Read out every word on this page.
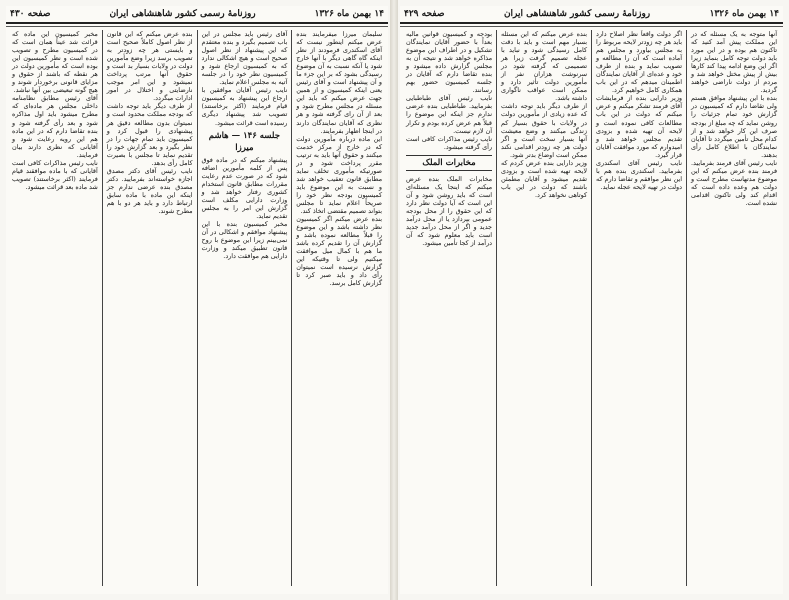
۱۴ بهمن ماه ۱۳۲۶
روزنامهٔ رسمی کشور شاهنشاهی ایران
صفحه ۴۳۰

سلیمان میرزا میفرمایند بنده عرض میکنم اینطور نیست که آقای اسکندری فرمودند از نظر اینکه گاه گاهی دیگر با آنها خارج شود یا آنکه نسبت به آن موضوع رسیدگی بشود که بر این جزء ما و آن پیشنهاد است و آقای رئیس یعنی اینکه کمیسیون و از همین جهت عرض میکنم که باید این مسئله در مجلس مطرح شود و بعد از آن رای گرفته شود و هر نظری که آقایان نمایندگان دارند در اینجا اظهار بفرمایند.

این ماده درباره مأمورین دولت که در خارج از مرکز خدمت میکنند و حقوق آنها باید به ترتیب مقرر پرداخت شود و در صورتیکه مأموری تخلف نماید مطابق قانون تعقیب خواهد شد و نسبت به این موضوع باید کمیسیون بودجه نظر خود را صریحاً اعلام نماید تا مجلس بتواند تصمیم مقتضی اتخاذ کند.

بنده عرض میکنم اگر کمیسیون نظر داشته باشد و این موضوع را قبلاً مطالعه نموده باشد و گزارش آن را تقدیم کرده باشد ما هم با کمال میل موافقت میکنیم ولی تا وقتیکه این گزارش نرسیده است نمیتوان رأی داد و باید صبر کرد تا گزارش کامل برسد.

آقای رئیس باید مجلس در این باب تصمیم بگیرد و بنده معتقدم که این پیشنهاد از نظر اصول صحیح است و هیچ اشکالی ندارد که به کمیسیون ارجاع شود و کمیسیون نظر خود را در جلسه آتیه به مجلس اعلام نماید.

نایب رئیس آقایان موافقین با ارجاع این پیشنهاد به کمیسیون قیام فرمایند (اکثر برخاستند) تصویب شد پیشنهاد دیگری رسیده است قرائت میشود.

جلسه ۱۴۶ — هاشم میرزا

پیشنهاد میکنم که در ماده فوق پس از کلمه مأمورین اضافه شود که در صورت عدم رعایت مقررات مطابق قانون استخدام کشوری رفتار خواهد شد و وزارت دارایی مکلف است گزارش این امر را به مجلس تقدیم نماید.

مخبر کمیسیون بنده با این پیشنهاد موافقم و اشکالی در آن نمی‌بینم زیرا این موضوع با روح قانون تطبیق میکند و وزارت دارایی هم موافقت دارد.

بنده عرض میکنم که این قانون از نظر اصول کاملاً صحیح است و بایستی هر چه زودتر به تصویب برسد زیرا وضع مأمورین دولت در ولایات بسیار بد است و حقوق آنها مرتب پرداخت نمیشود و این امر موجب نارضایتی و اختلال در امور ادارات میگردد.

از طرف دیگر باید توجه داشت که بودجه مملکت محدود است و نمیتوان بدون مطالعه دقیق هر پیشنهادی را قبول کرد و کمیسیون باید تمام جهات را در نظر بگیرد و بعد گزارش خود را تقدیم نماید تا مجلس با بصیرت کامل رأی بدهد.

نایب رئیس آقای دکتر مصدق اجازه خواسته‌اند بفرمایید. دکتر مصدق بنده عرضی ندارم جز اینکه این ماده با ماده سابق ارتباط دارد و باید هر دو با هم مطرح شوند.

مخبر کمیسیون این ماده که قرائت شد عیناً همان است که در کمیسیون مطرح و تصویب شده است و نظر کمیسیون این بوده است که مأمورین دولت در هر نقطه که باشند از حقوق و مزایای قانونی برخوردار شوند و هیچ گونه تبعیضی بین آنها نباشد.

آقای رئیس مطابق نظامنامه داخلی مجلس هر ماده‌ای که مطرح میشود باید اول مذاکره شود و بعد رأی گرفته شود و بنده تقاضا دارم که در این ماده هم این رویه رعایت شود و آقایانی که نظری دارند بیان فرمایند.

نایب رئیس مذاکرات کافی است آقایانی که با ماده موافقند قیام فرمایند (اکثر برخاستند) تصویب شد ماده بعد قرائت میشود.

۱۴ بهمن ماه ۱۳۲۶
روزنامهٔ رسمی کشور شاهنشاهی ایران
صفحه ۴۲۹

آنها متوجه به یک مسئله که در این مملکت پیش آمد کنید که تاکنون هم بوده و در این مورد باید دولت توجه کامل بنماید زیرا اگر این وضع ادامه پیدا کند کارها بیش از پیش مختل خواهد شد و مردم از دولت ناراضی خواهند گردید.

بنده با این پیشنهاد موافق هستم ولی تقاضا دارم که کمیسیون در گزارش خود تمام جزئیات را روشن نماید که چه مبلغ از بودجه صرف این کار خواهد شد و از کدام محل تأمین میگردد تا آقایان نمایندگان با اطلاع کامل رأی بدهند.

نایب رئیس آقای فرمند بفرمایید. فرمند بنده عرض میکنم که این موضوع مدتهاست مطرح است و دولت هم وعده داده است که اقدام کند ولی تاکنون اقدامی نشده است.

اگر دولت واقعاً نظر اصلاح دارد باید هر چه زودتر لایحه مربوط را به مجلس بیاورد و مجلس هم آماده است که آن را مطالعه و تصویب نماید و بنده از طرف خود و عده‌ای از آقایان نمایندگان اطمینان میدهم که در این باب همکاری کامل خواهیم کرد.

وزیر دارایی بنده از فرمایشات آقای فرمند تشکر میکنم و عرض میکنم که دولت در این باب مطالعات کافی نموده است و لایحه آن تهیه شده و بزودی تقدیم مجلس خواهد شد و امیدوارم که مورد موافقت آقایان قرار گیرد.

نایب رئیس آقای اسکندری بفرمایید. اسکندری بنده هم با این نظر موافقم و تقاضا دارم که دولت در تهیه لایحه عجله نماید.

بنده عرض میکنم که این مسئله بسیار مهم است و باید با دقت کامل رسیدگی شود و نباید با عجله تصمیم گرفت زیرا هر تصمیمی که گرفته شود در سرنوشت هزاران نفر از مأمورین دولت تأثیر دارد و ممکن است عواقب ناگواری داشته باشد.

از طرف دیگر باید توجه داشت که عده زیادی از مأمورین دولت در ولایات با حقوق بسیار کم زندگی میکنند و وضع معیشت آنها بسیار سخت است و اگر دولت هر چه زودتر اقدامی نکند ممکن است اوضاع بدتر شود.

وزیر دارایی بنده عرض کردم که لایحه تهیه شده است و بزودی تقدیم میشود و آقایان مطمئن باشند که دولت در این باب کوتاهی نخواهد کرد.

بودجه و کمیسیون قوانین مالیه بعداً با حضور آقایان نمایندگان تشکیل و در اطراف این موضوع مذاکره خواهد شد و نتیجه آن به مجلس گزارش داده میشود و بنده تقاضا دارم که آقایان در جلسه کمیسیون حضور بهم رسانند.

نایب رئیس آقای طباطبایی بفرمایید. طباطبایی بنده عرضی ندارم جز اینکه این موضوع را قبلاً هم عرض کرده بودم و تکرار آن لازم نیست.

نایب رئیس مذاکرات کافی است رأی گرفته میشود.

مخابرات الملک

مخابرات الملک بنده عرض میکنم که اینجا یک مسئله‌ای است که باید روشن شود و آن این است که آیا دولت نظر دارد که این حقوق را از محل بودجه عمومی بپردازد یا از محل درآمد جدید و اگر از محل درآمد جدید است باید معلوم شود که آن درآمد از کجا تأمین میشود.
